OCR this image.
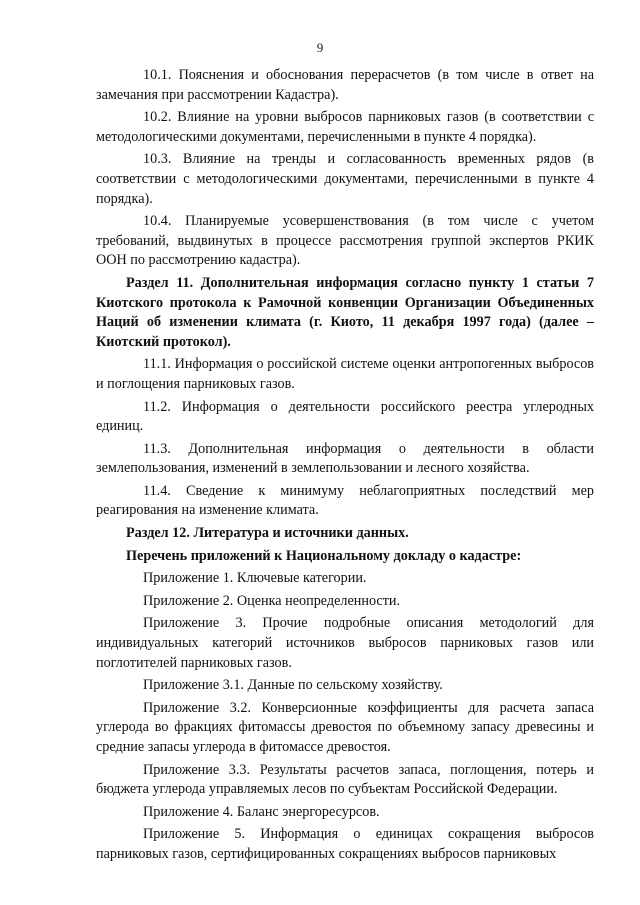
9

10.1. Пояснения и обоснования перерасчетов (в том числе в ответ на замечания при рассмотрении Кадастра).

10.2. Влияние на уровни выбросов парниковых газов (в соответствии с методологическими документами, перечисленными в пункте 4 порядка).

10.3. Влияние на тренды и согласованность временных рядов (в соответствии с методологическими документами, перечисленными в пункте 4 порядка).

10.4. Планируемые усовершенствования (в том числе с учетом требований, выдвинутых в процессе рассмотрения группой экспертов РКИК ООН по рассмотрению кадастра).

Раздел 11. Дополнительная информация согласно пункту 1 статьи 7 Киотского протокола к Рамочной конвенции Организации Объединенных Наций об изменении климата (г. Киото, 11 декабря 1997 года) (далее – Киотский протокол).

11.1. Информация о российской системе оценки антропогенных выбросов и поглощения парниковых газов.

11.2. Информация о деятельности российского реестра углеродных единиц.

11.3. Дополнительная информация о деятельности в области землепользования, изменений в землепользовании и лесного хозяйства.

11.4. Сведение к минимуму неблагоприятных последствий мер реагирования на изменение климата.

Раздел 12. Литература и источники данных.

Перечень приложений к Национальному докладу о кадастре:

Приложение 1. Ключевые категории.

Приложение 2. Оценка неопределенности.

Приложение 3. Прочие подробные описания методологий для индивидуальных категорий источников выбросов парниковых газов или поглотителей парниковых газов.

Приложение 3.1. Данные по сельскому хозяйству.

Приложение 3.2. Конверсионные коэффициенты для расчета запаса углерода во фракциях фитомассы древостоя по объемному запасу древесины и средние запасы углерода в фитомассе древостоя.

Приложение 3.3. Результаты расчетов запаса, поглощения, потерь и бюджета углерода управляемых лесов по субъектам Российской Федерации.

Приложение 4. Баланс энергоресурсов.

Приложение 5. Информация о единицах сокращения выбросов парниковых газов, сертифицированных сокращениях выбросов парниковых
